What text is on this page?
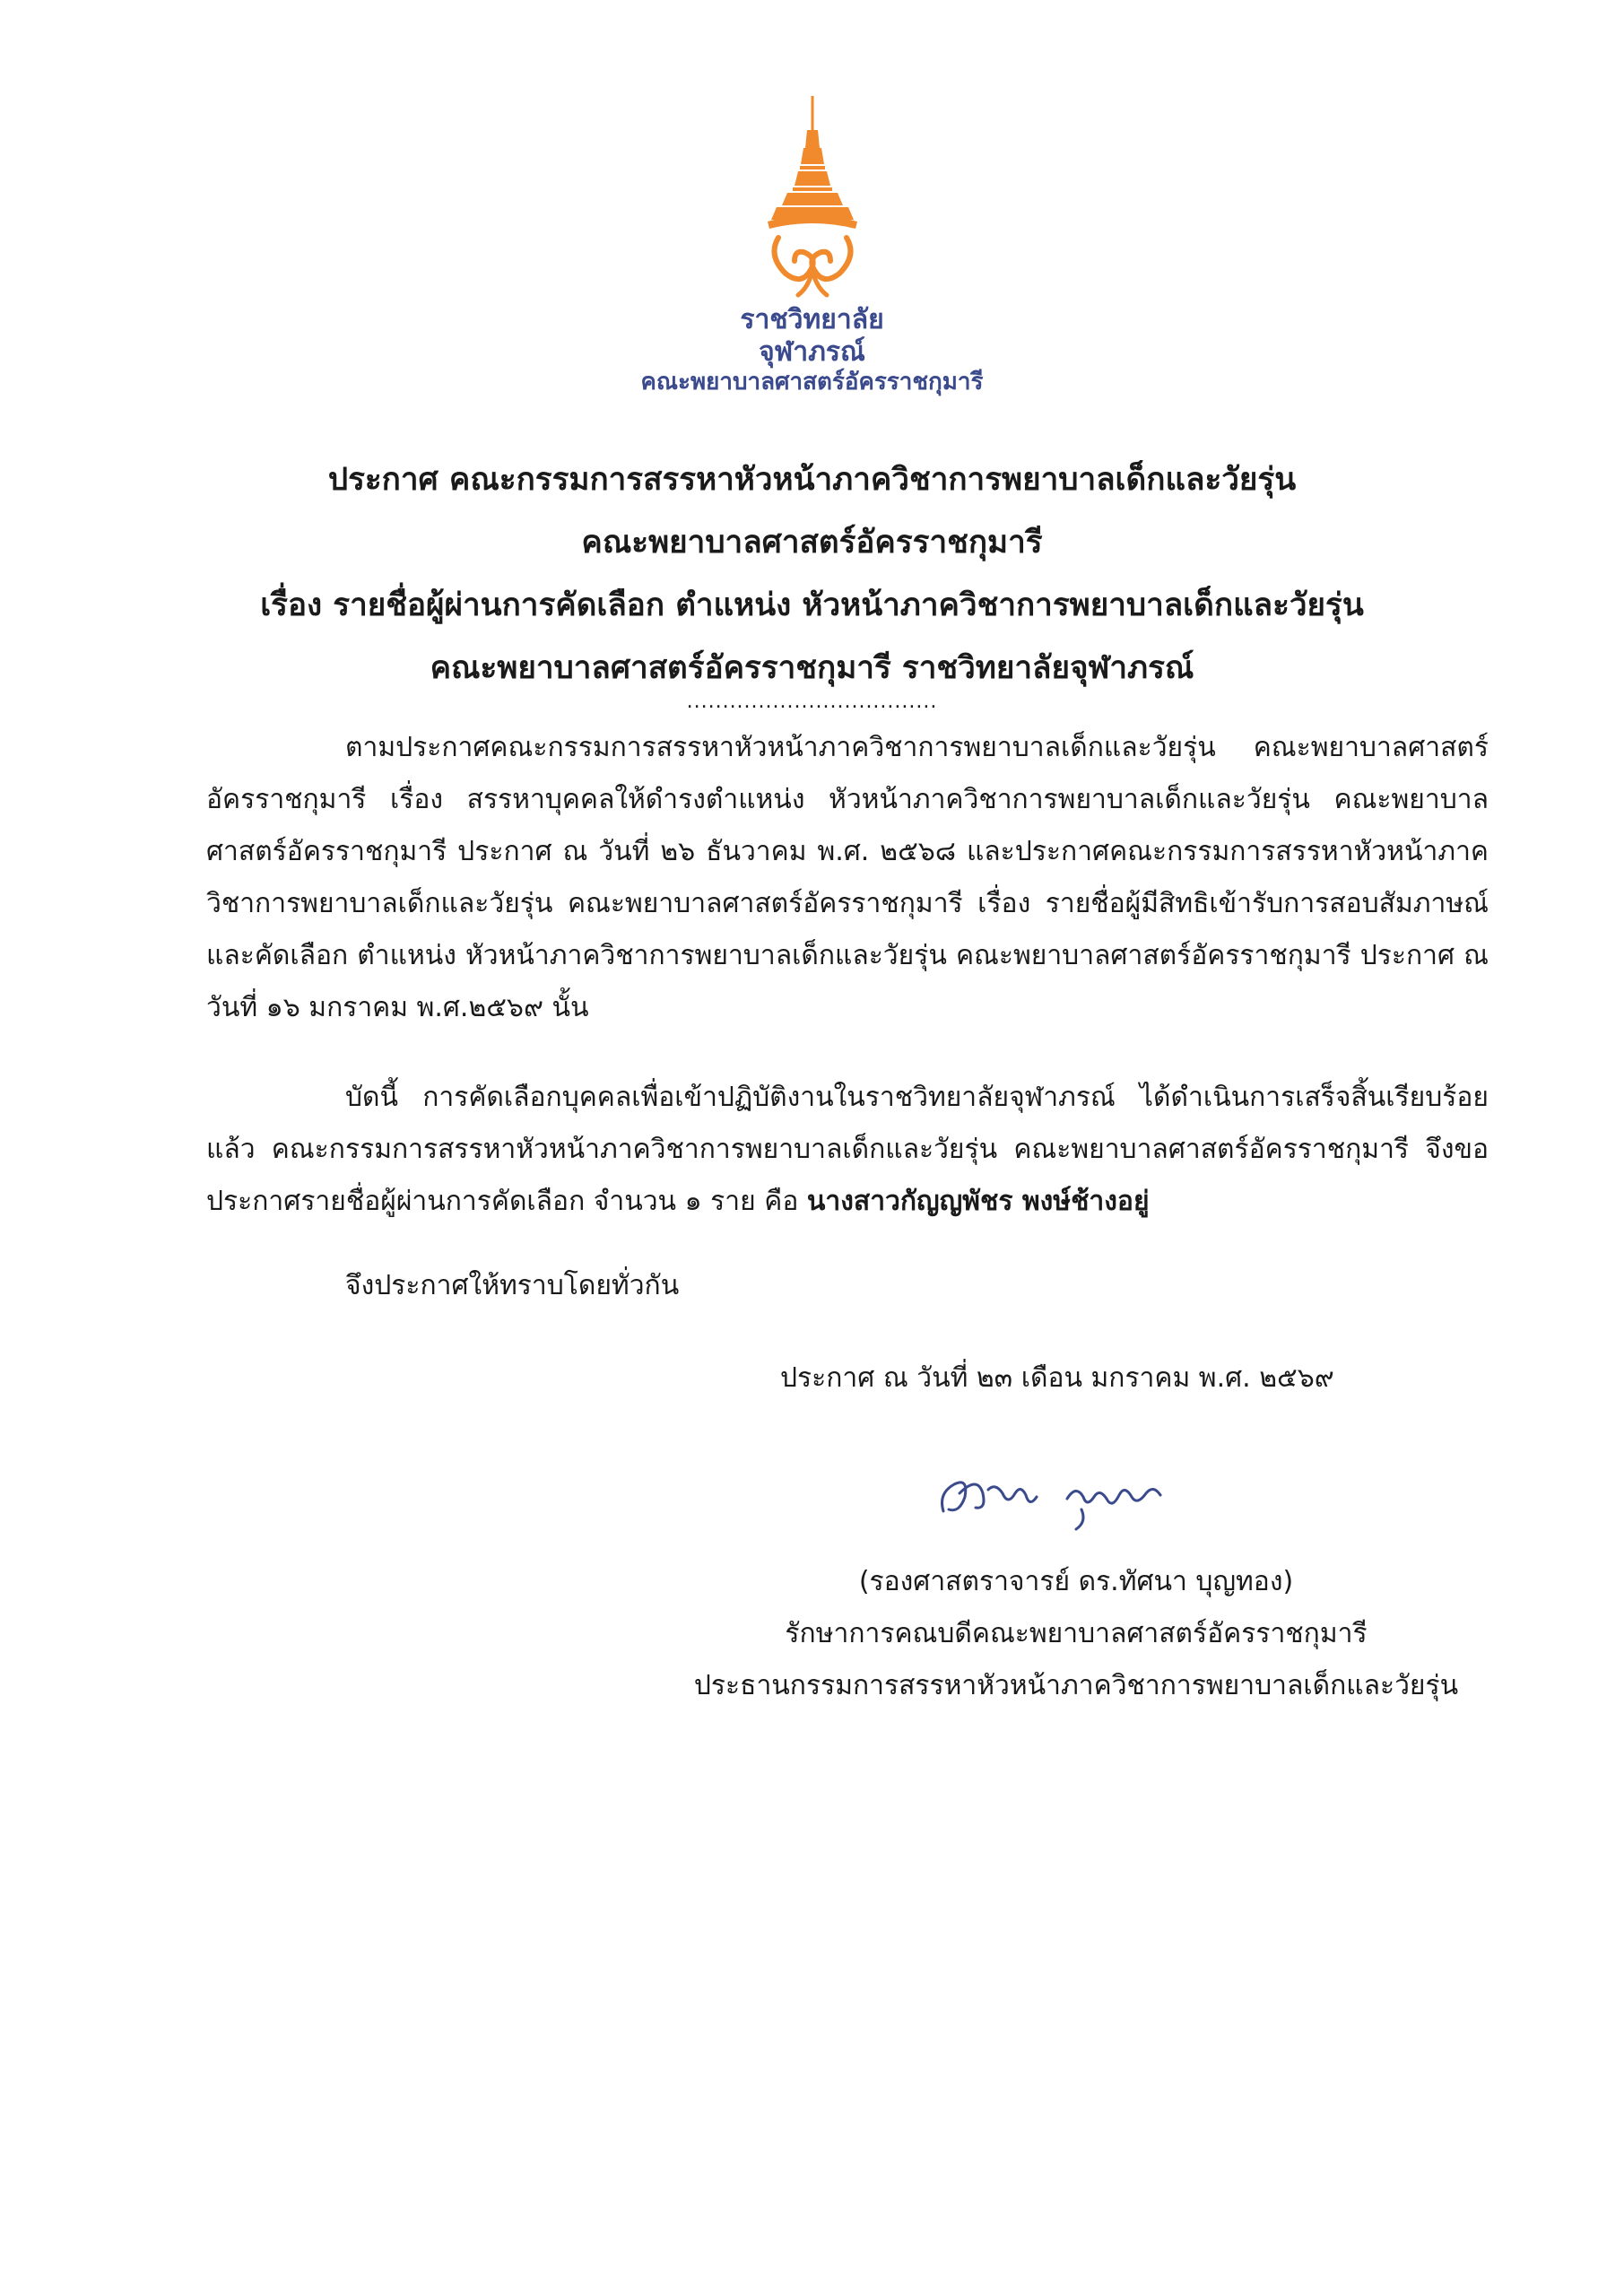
ราชวิทยาลัย
จุฬาภรณ์
คณะพยาบาลศาสตร์อัครราชกุมารี
ประกาศ คณะกรรมการสรรหาหัวหน้าภาควิชาการพยาบาลเด็กและวัยรุ่น
คณะพยาบาลศาสตร์อัครราชกุมารี
เรื่อง รายชื่อผู้ผ่านการคัดเลือก ตำแหน่ง หัวหน้าภาควิชาการพยาบาลเด็กและวัยรุ่น
คณะพยาบาลศาสตร์อัครราชกุมารี ราชวิทยาลัยจุฬาภรณ์
...................................
ตามประกาศคณะกรรมการสรรหาหัวหน้าภาควิชาการพยาบาลเด็กและวัยรุ่น คณะพยาบาลศาสตร์อัครราชกุมารี เรื่อง สรรหาบุคคลให้ดำรงตำแหน่ง หัวหน้าภาควิชาการพยาบาลเด็กและวัยรุ่น คณะพยาบาลศาสตร์อัครราชกุมารี ประกาศ ณ วันที่ ๒๖ ธันวาคม พ.ศ. ๒๕๖๘ และประกาศคณะกรรมการสรรหาหัวหน้าภาควิชาการพยาบาลเด็กและวัยรุ่น คณะพยาบาลศาสตร์อัครราชกุมารี เรื่อง รายชื่อผู้มีสิทธิเข้ารับการสอบสัมภาษณ์และคัดเลือก ตำแหน่ง หัวหน้าภาควิชาการพยาบาลเด็กและวัยรุ่น คณะพยาบาลศาสตร์อัครราชกุมารี ประกาศ ณ วันที่ ๑๖ มกราคม พ.ศ.๒๕๖๙ นั้น
บัดนี้ การคัดเลือกบุคคลเพื่อเข้าปฏิบัติงานในราชวิทยาลัยจุฬาภรณ์ ได้ดำเนินการเสร็จสิ้นเรียบร้อยแล้ว คณะกรรมการสรรหาหัวหน้าภาควิชาการพยาบาลเด็กและวัยรุ่น คณะพยาบาลศาสตร์อัครราชกุมารี จึงขอประกาศรายชื่อผู้ผ่านการคัดเลือก จำนวน ๑ ราย คือ นางสาวกัญญพัชร พงษ์ช้างอยู่
จึงประกาศให้ทราบโดยทั่วกัน
ประกาศ ณ วันที่ ๒๓ เดือน มกราคม พ.ศ. ๒๕๖๙
(รองศาสตราจารย์ ดร.ทัศนา บุญทอง)
รักษาการคณบดีคณะพยาบาลศาสตร์อัครราชกุมารี
ประธานกรรมการสรรหาหัวหน้าภาควิชาการพยาบาลเด็กและวัยรุ่น
